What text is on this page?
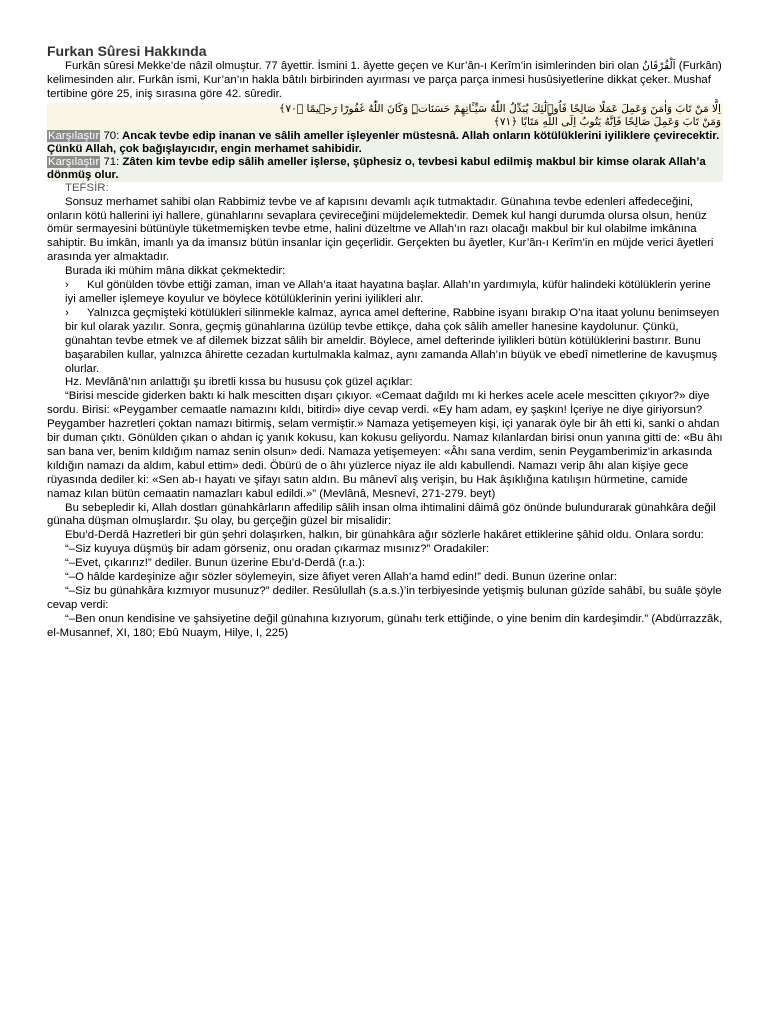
Furkan Sûresi Hakkında

Furkân sûresi Mekke’de nâzil olmuştur. 77 âyettir. İsmini 1. âyette geçen ve Kur’ân-ı Kerîm’in isimlerinden biri olan اَلْفُرْقَانُ (Furkân) kelimesinden alır. Furkân ismi, Kur’an’ın hakla bâtılı birbirinden ayırması ve parça parça inmesi husûsiyetlerine dikkat çeker. Mushaf tertibine göre 25, iniş sırasına göre 42. sûredir.

اِلَّا مَنْ تَابَ وَاٰمَنَ وَعَمِلَ عَمَلًا صَالِحًا فَاُو۬لٰٓئِكَ يُبَدِّلُ اللّٰهُ سَيِّـَٔاتِهِمْ حَسَنَاتٍۜ وَكَانَ اللّٰهُ غَفُورًا رَح۪يمًا ﴿٧٠﴾
وَمَنْ تَابَ وَعَمِلَ صَالِحًا فَاِنَّهُ يَتُوبُ اِلَى اللّٰهِ مَتَابًا ﴿٧١﴾
Karşılaştır 70: Ancak tevbe edip inanan ve sâlih ameller işleyenler müstesnâ. Allah onların kötülüklerini iyiliklere çevirecektir. Çünkü Allah, çok bağışlayıcıdır, engin merhamet sahibidir.
Karşılaştır 71: Zâten kim tevbe edip sâlih ameller işlerse, şüphesiz o, tevbesi kabul edilmiş makbul bir kimse olarak Allah’a dönmüş olur.
TEFSİR:

Sonsuz merhamet sahibi olan Rabbimiz tevbe ve af kapısını devamlı açık tutmaktadır. Günahına tevbe edenleri affedeceğini, onların kötü hallerini iyi hallere, günahlarını sevaplara çevireceğini müjdelemektedir. Demek kul hangi durumda olursa olsun, henüz ömür sermayesini bütünüyle tüketmemişken tevbe etme, halini düzeltme ve Allah’ın razı olacağı makbul bir kul olabilme imkânına sahiptir. Bu imkân, imanlı ya da imansız bütün insanlar için geçerlidir. Gerçekten bu âyetler, Kur’ân-ı Kerîm’in en müjde verici âyetleri arasında yer almaktadır.

Burada iki mühim mâna dikkat çekmektedir:

› Kul gönülden tövbe ettiği zaman, iman ve Allah’a itaat hayatına başlar. Allah’ın yardımıyla, küfür halindeki kötülüklerin yerine iyi ameller işlemeye koyulur ve böylece kötülüklerinin yerini iyilikleri alır.

› Yalnızca geçmişteki kötülükleri silinmekle kalmaz, ayrıca amel defterine, Rabbine isyanı bırakıp O’na itaat yolunu benimseyen bir kul olarak yazılır. Sonra, geçmiş günahlarına üzülüp tevbe ettikçe, daha çok sâlih ameller hanesine kaydolunur. Çünkü, günahtan tevbe etmek ve af dilemek bizzat sâlih bir ameldir. Böylece, amel defterinde iyilikleri bütün kötülüklerini bastırır. Bunu başarabilen kullar, yalnızca âhirette cezadan kurtulmakla kalmaz, aynı zamanda Allah’ın büyük ve ebedî nimetlerine de kavuşmuş olurlar.

Hz. Mevlânâ’nın anlattığı şu ibretli kıssa bu hususu çok güzel açıklar:

“Birisi mescide giderken baktı ki halk mescitten dışarı çıkıyor. «Cemaat dağıldı mı ki herkes acele acele mescitten çıkıyor?» diye sordu. Birisi: «Peygamber cemaatle namazını kıldı, bitirdi» diye cevap verdi. «Ey ham adam, ey şaşkın! İçeriye ne diye giriyorsun? Peygamber hazretleri çoktan namazı bitirmiş, selam vermiştir.» Namaza yetişemeyen kişi, içi yanarak öyle bir âh etti ki, sanki o ahdan bir duman çıktı. Gönülden çıkan o ahdan iç yanık kokusu, kan kokusu geliyordu. Namaz kılanlardan birisi onun yanına gitti de: «Bu âhı san bana ver, benim kıldığım namaz senin olsun» dedi. Namaza yetişemeyen: «Âhı sana verdim, senin Peygamberimiz'in arkasında kıldığın namazı da aldım, kabul ettim» dedi. Öbürü de o âhı yüzlerce niyaz ile aldı kabullendi. Namazı verip âhı alan kişiye gece rüyasında dediler ki: «Sen ab-ı hayatı ve şifayı satın aldın. Bu mânevî alış verişin, bu Hak âşıklığına katılışın hürmetine, camide namaz kılan bütün cemaatin namazları kabul edildi.»” (Mevlânâ, Mesnevî, 271-279. beyt)

Bu sebepledir ki, Allah dostları günahkârların affedilip sâlih insan olma ihtimalini dâimâ göz önünde bulundurarak günahkâra değil günaha düşman olmuşlardır. Şu olay, bu gerçeğin güzel bir misalidir:

Ebu’d-Derdâ Hazretleri bir gün şehri dolaşırken, halkın, bir günahkâra ağır sözlerle hakâret ettiklerine şâhid oldu. Onlara sordu:

“–Siz kuyuya düşmüş bir adam görseniz, onu oradan çıkarmaz mısınız?” Oradakiler:

“–Evet, çıkarırız!” dediler. Bunun üzerine Ebu’d-Derdâ (r.a.):

“–O hâlde kardeşinize ağır sözler söylemeyin, size âfiyet veren Allah’a hamd edin!” dedi. Bunun üzerine onlar:

“–Siz bu günahkâra kızmıyor musunuz?” dediler. Resûlullah (s.a.s.)’in terbiyesinde yetişmiş bulunan güzîde sahâbî, bu suâle şöyle cevap verdi:

“–Ben onun kendisine ve şahsiyetine değil günahına kızıyorum, günahı terk ettiğinde, o yine benim din kardeşimdir.” (Abdürrazzâk, el-Musannef, XI, 180; Ebû Nuaym, Hilye, I, 225)
